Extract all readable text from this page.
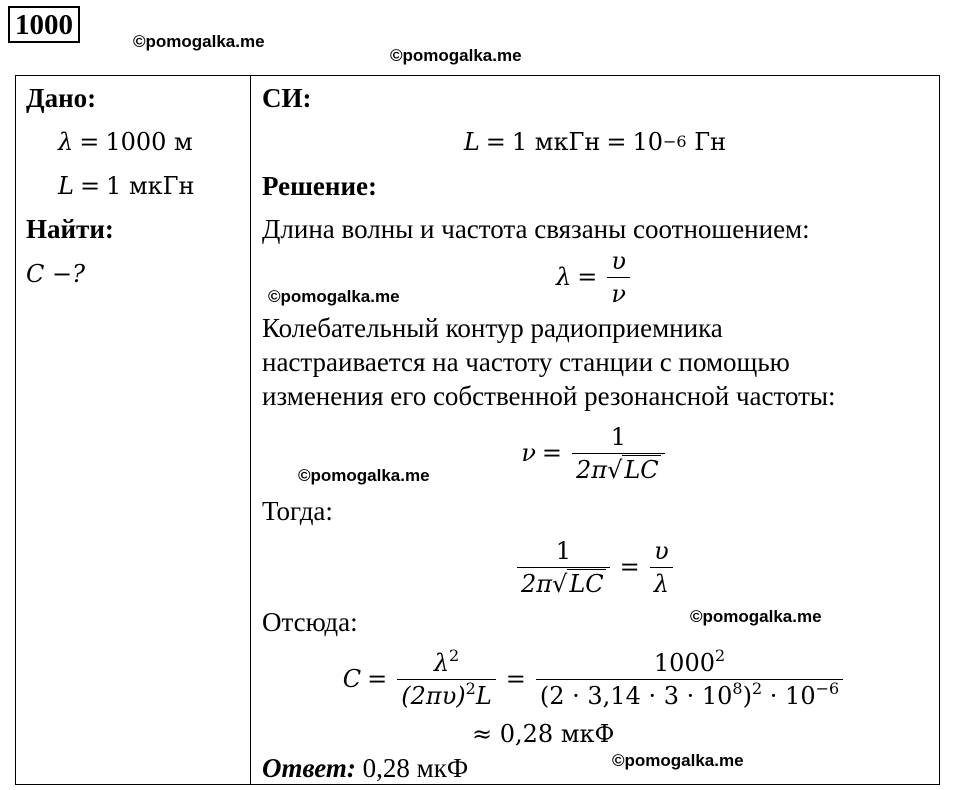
1000
©pomogalka.me
©pomogalka.me
Дано:
λ = 1000 м
L = 1 мкГн
Найти:
C −?
СИ:
L = 1 мкГн = 10 −6
Гн
Решение:
Длина волны и частота связаны соотношением:
$\lambda = \frac{\upsilon}{\nu}$
©pomogalka.me
Колебательный контур радиоприемника
настраивается на частоту станции с помощью
изменения его собственной резонансной частоты:
$\nu = \frac{1}{2\pi√LC}$
©pomogalka.me
Тогда:
$\frac{1}{2\pi√LC} = \frac{\upsilon}{\lambda}$
Отсюда:	©pomogalka.me
$C = \frac{\lambda^2}{(2\pi\upsilon)^2L} = \frac{1000^2}{(2 \cdot 3,14 \cdot 3 \cdot 10^8)^2 \cdot 10^{-6}}$
≈ 0,28 мкФ
©pomogalka.me
Ответ: 0,28 мкФ
